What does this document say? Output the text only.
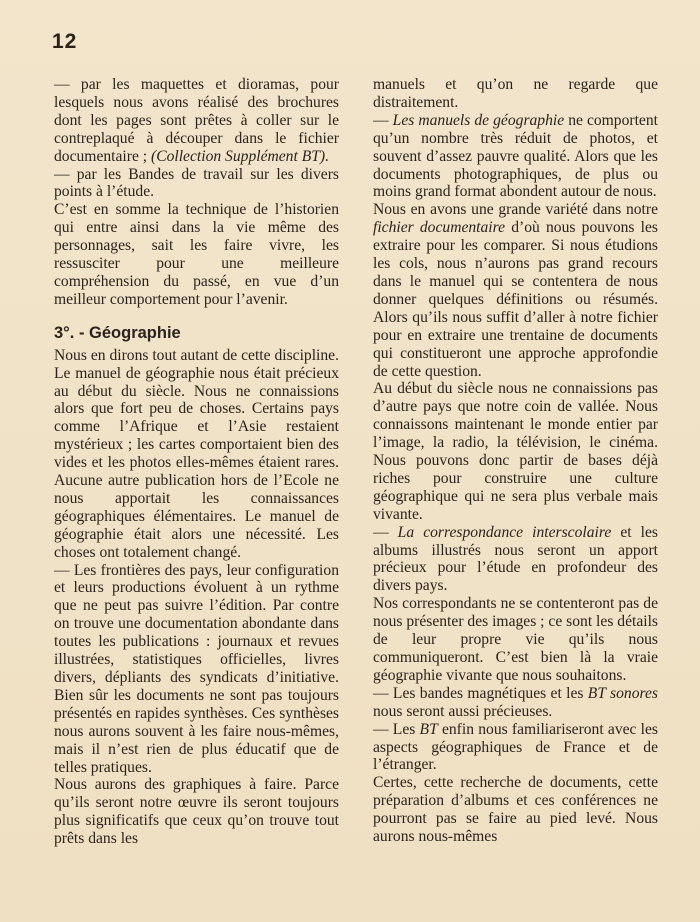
12

— par les maquettes et dioramas, pour lesquels nous avons réalisé des brochures dont les pages sont prêtes à coller sur le contreplaqué à découper dans le fichier documentaire ; (Collection Supplément BT).

— par les Bandes de travail sur les divers points à l’étude.

C’est en somme la technique de l’historien qui entre ainsi dans la vie même des personnages, sait les faire vivre, les ressusciter pour une meilleure compréhension du passé, en vue d’un meilleur comportement pour l’avenir.

3°. - Géographie

Nous en dirons tout autant de cette discipline. Le manuel de géographie nous était précieux au début du siècle. Nous ne connaissions alors que fort peu de choses. Certains pays comme l’Afrique et l’Asie restaient mystérieux ; les cartes comportaient bien des vides et les photos elles-mêmes étaient rares. Aucune autre publication hors de l’Ecole ne nous apportait les connaissances géographiques élémentaires. Le manuel de géographie était alors une nécessité. Les choses ont totalement changé.

— Les frontières des pays, leur configuration et leurs productions évoluent à un rythme que ne peut pas suivre l’édition. Par contre on trouve une documentation abondante dans toutes les publications : journaux et revues illustrées, statistiques officielles, livres divers, dépliants des syndicats d’initiative. Bien sûr les documents ne sont pas toujours présentés en rapides synthèses. Ces synthèses nous aurons souvent à les faire nous-mêmes, mais il n’est rien de plus éducatif que de telles pratiques.

Nous aurons des graphiques à faire. Parce qu’ils seront notre œuvre ils seront toujours plus significatifs que ceux qu’on trouve tout prêts dans les

manuels et qu’on ne regarde que distraitement.

— Les manuels de géographie ne comportent qu’un nombre très réduit de photos, et souvent d’assez pauvre qualité. Alors que les documents photographiques, de plus ou moins grand format abondent autour de nous.

Nous en avons une grande variété dans notre fichier documentaire d’où nous pouvons les extraire pour les comparer. Si nous étudions les cols, nous n’aurons pas grand recours dans le manuel qui se contentera de nous donner quelques définitions ou résumés. Alors qu’ils nous suffit d’aller à notre fichier pour en extraire une trentaine de documents qui constitueront une approche approfondie de cette question.

Au début du siècle nous ne connaissions pas d’autre pays que notre coin de vallée. Nous connaissons maintenant le monde entier par l’image, la radio, la télévision, le cinéma. Nous pouvons donc partir de bases déjà riches pour construire une culture géographique qui ne sera plus verbale mais vivante.

— La correspondance interscolaire et les albums illustrés nous seront un apport précieux pour l’étude en profondeur des divers pays.

Nos correspondants ne se contenteront pas de nous présenter des images ; ce sont les détails de leur propre vie qu’ils nous communiqueront. C’est bien là la vraie géographie vivante que nous souhaitons.

— Les bandes magnétiques et les BT sonores nous seront aussi précieuses.

— Les BT enfin nous familiariseront avec les aspects géographiques de France et de l’étranger.

Certes, cette recherche de documents, cette préparation d’albums et ces conférences ne pourront pas se faire au pied levé. Nous aurons nous-mêmes
